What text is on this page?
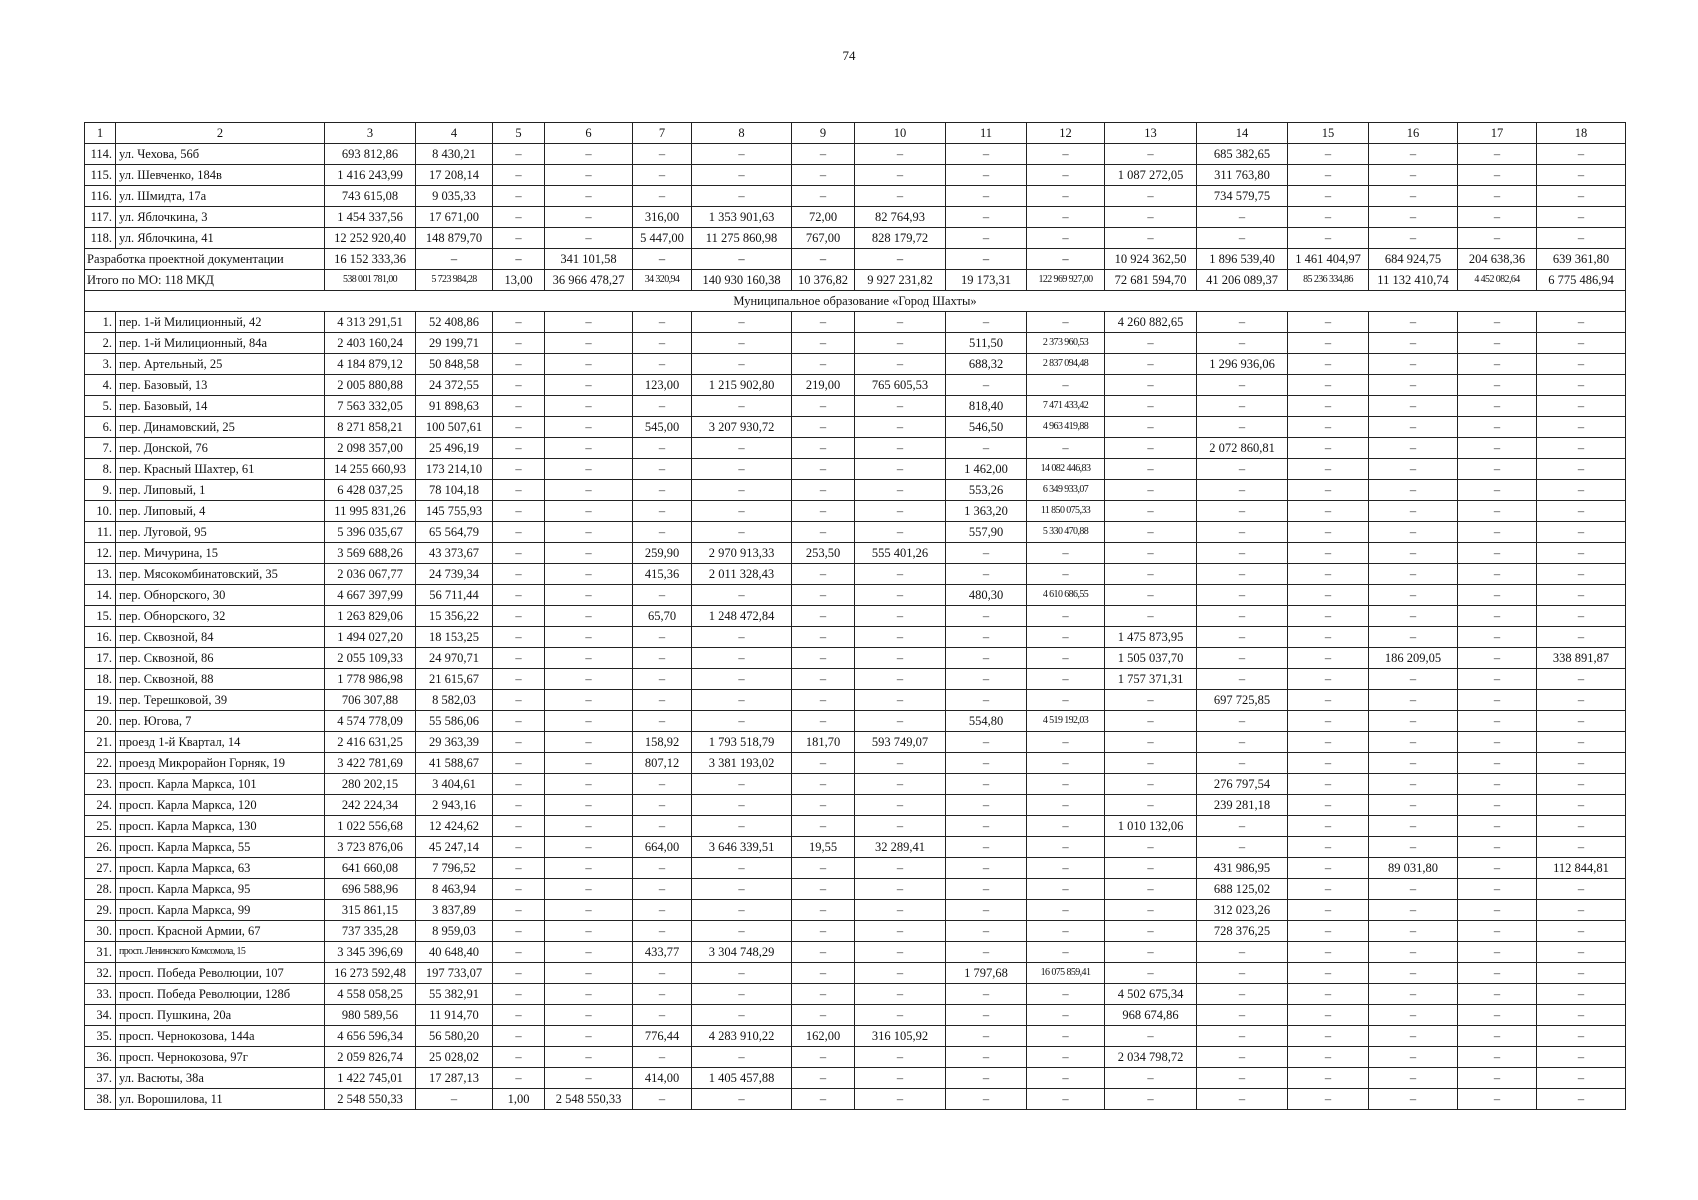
74
1	2	3	4	5	6	7	8	9	10	11	12	13	14	15	16	17	18
114.	ул. Чехова, 56б	693 812,86	8 430,21	–	–	–	–	–	–	–	–	–	685 382,65	–	–	–	–
115.	ул. Шевченко, 184в	1 416 243,99	17 208,14	–	–	–	–	–	–	–	–	1 087 272,05	311 763,80	–	–	–	–
116.	ул. Шмидта, 17а	743 615,08	9 035,33	–	–	–	–	–	–	–	–	–	734 579,75	–	–	–	–
117.	ул. Яблочкина, 3	1 454 337,56	17 671,00	–	–	316,00	1 353 901,63	72,00	82 764,93	–	–	–	–	–	–	–	–
118.	ул. Яблочкина, 41	12 252 920,40	148 879,70	–	–	5 447,00	11 275 860,98	767,00	828 179,72	–	–	–	–	–	–	–	–
Разработка проектной документации		16 152 333,36	–	–	341 101,58	–	–	–	–	–	–	10 924 362,50	1 896 539,40	1 461 404,97	684 924,75	204 638,36	639 361,80
Итого по МО: 118 МКД		538 001 781,00	5 723 984,28	13,00	36 966 478,27	34 320,94	140 930 160,38	10 376,82	9 927 231,82	19 173,31	122 969 927,00	72 681 594,70	41 206 089,37	85 236 334,86	11 132 410,74	4 452 082,64	6 775 486,94
Муниципальное образование «Город Шахты»																	
1.	пер. 1-й Милиционный, 42	4 313 291,51	52 408,86	–	–	–	–	–	–	–	–	4 260 882,65	–	–	–	–	–
2.	пер. 1-й Милиционный, 84а	2 403 160,24	29 199,71	–	–	–	–	–	–	511,50	2 373 960,53	–	–	–	–	–	–
3.	пер. Артельный, 25	4 184 879,12	50 848,58	–	–	–	–	–	–	688,32	2 837 094,48	–	1 296 936,06	–	–	–	–
4.	пер. Базовый, 13	2 005 880,88	24 372,55	–	–	123,00	1 215 902,80	219,00	765 605,53	–	–	–	–	–	–	–	–
5.	пер. Базовый, 14	7 563 332,05	91 898,63	–	–	–	–	–	–	818,40	7 471 433,42	–	–	–	–	–	–
6.	пер. Динамовский, 25	8 271 858,21	100 507,61	–	–	545,00	3 207 930,72	–	–	546,50	4 963 419,88	–	–	–	–	–	–
7.	пер. Донской, 76	2 098 357,00	25 496,19	–	–	–	–	–	–	–	–	–	2 072 860,81	–	–	–	–
8.	пер. Красный Шахтер, 61	14 255 660,93	173 214,10	–	–	–	–	–	–	1 462,00	14 082 446,83	–	–	–	–	–	–
9.	пер. Липовый, 1	6 428 037,25	78 104,18	–	–	–	–	–	–	553,26	6 349 933,07	–	–	–	–	–	–
10.	пер. Липовый, 4	11 995 831,26	145 755,93	–	–	–	–	–	–	1 363,20	11 850 075,33	–	–	–	–	–	–
11.	пер. Луговой, 95	5 396 035,67	65 564,79	–	–	–	–	–	–	557,90	5 330 470,88	–	–	–	–	–	–
12.	пер. Мичурина, 15	3 569 688,26	43 373,67	–	–	259,90	2 970 913,33	253,50	555 401,26	–	–	–	–	–	–	–	–
13.	пер. Мясокомбинатовский, 35	2 036 067,77	24 739,34	–	–	415,36	2 011 328,43	–	–	–	–	–	–	–	–	–	–
14.	пер. Обнорского, 30	4 667 397,99	56 711,44	–	–	–	–	–	–	480,30	4 610 686,55	–	–	–	–	–	–
15.	пер. Обнорского, 32	1 263 829,06	15 356,22	–	–	65,70	1 248 472,84	–	–	–	–	–	–	–	–	–	–
16.	пер. Сквозной, 84	1 494 027,20	18 153,25	–	–	–	–	–	–	–	–	1 475 873,95	–	–	–	–	–
17.	пер. Сквозной, 86	2 055 109,33	24 970,71	–	–	–	–	–	–	–	–	1 505 037,70	–	–	186 209,05	–	338 891,87
18.	пер. Сквозной, 88	1 778 986,98	21 615,67	–	–	–	–	–	–	–	–	1 757 371,31	–	–	–	–	–
19.	пер. Терешковой, 39	706 307,88	8 582,03	–	–	–	–	–	–	–	–	–	697 725,85	–	–	–	–
20.	пер. Югова, 7	4 574 778,09	55 586,06	–	–	–	–	–	–	554,80	4 519 192,03	–	–	–	–	–	–
21.	проезд 1-й Квартал, 14	2 416 631,25	29 363,39	–	–	158,92	1 793 518,79	181,70	593 749,07	–	–	–	–	–	–	–	–
22.	проезд Микрорайон Горняк, 19	3 422 781,69	41 588,67	–	–	807,12	3 381 193,02	–	–	–	–	–	–	–	–	–	–
23.	просп. Карла Маркса, 101	280 202,15	3 404,61	–	–	–	–	–	–	–	–	–	276 797,54	–	–	–	–
24.	просп. Карла Маркса, 120	242 224,34	2 943,16	–	–	–	–	–	–	–	–	–	239 281,18	–	–	–	–
25.	просп. Карла Маркса, 130	1 022 556,68	12 424,62	–	–	–	–	–	–	–	–	1 010 132,06	–	–	–	–	–
26.	просп. Карла Маркса, 55	3 723 876,06	45 247,14	–	–	664,00	3 646 339,51	19,55	32 289,41	–	–	–	–	–	–	–	–
27.	просп. Карла Маркса, 63	641 660,08	7 796,52	–	–	–	–	–	–	–	–	–	431 986,95	–	89 031,80	–	112 844,81
28.	просп. Карла Маркса, 95	696 588,96	8 463,94	–	–	–	–	–	–	–	–	–	688 125,02	–	–	–	–
29.	просп. Карла Маркса, 99	315 861,15	3 837,89	–	–	–	–	–	–	–	–	–	312 023,26	–	–	–	–
30.	просп. Красной Армии, 67	737 335,28	8 959,03	–	–	–	–	–	–	–	–	–	728 376,25	–	–	–	–
31.	просп. Ленинского Комсомола, 15	3 345 396,69	40 648,40	–	–	433,77	3 304 748,29	–	–	–	–	–	–	–	–	–	–
32.	просп. Победа Революции, 107	16 273 592,48	197 733,07	–	–	–	–	–	–	1 797,68	16 075 859,41	–	–	–	–	–	–
33.	просп. Победа Революции, 128б	4 558 058,25	55 382,91	–	–	–	–	–	–	–	–	4 502 675,34	–	–	–	–	–
34.	просп. Пушкина, 20а	980 589,56	11 914,70	–	–	–	–	–	–	–	–	968 674,86	–	–	–	–	–
35.	просп. Чернокозова, 144а	4 656 596,34	56 580,20	–	–	776,44	4 283 910,22	162,00	316 105,92	–	–	–	–	–	–	–	–
36.	просп. Чернокозова, 97г	2 059 826,74	25 028,02	–	–	–	–	–	–	–	–	2 034 798,72	–	–	–	–	–
37.	ул. Васюты, 38а	1 422 745,01	17 287,13	–	–	414,00	1 405 457,88	–	–	–	–	–	–	–	–	–	–
38.	ул. Ворошилова, 11	2 548 550,33	–	1,00	2 548 550,33	–	–	–	–	–	–	–	–	–	–	–	–
